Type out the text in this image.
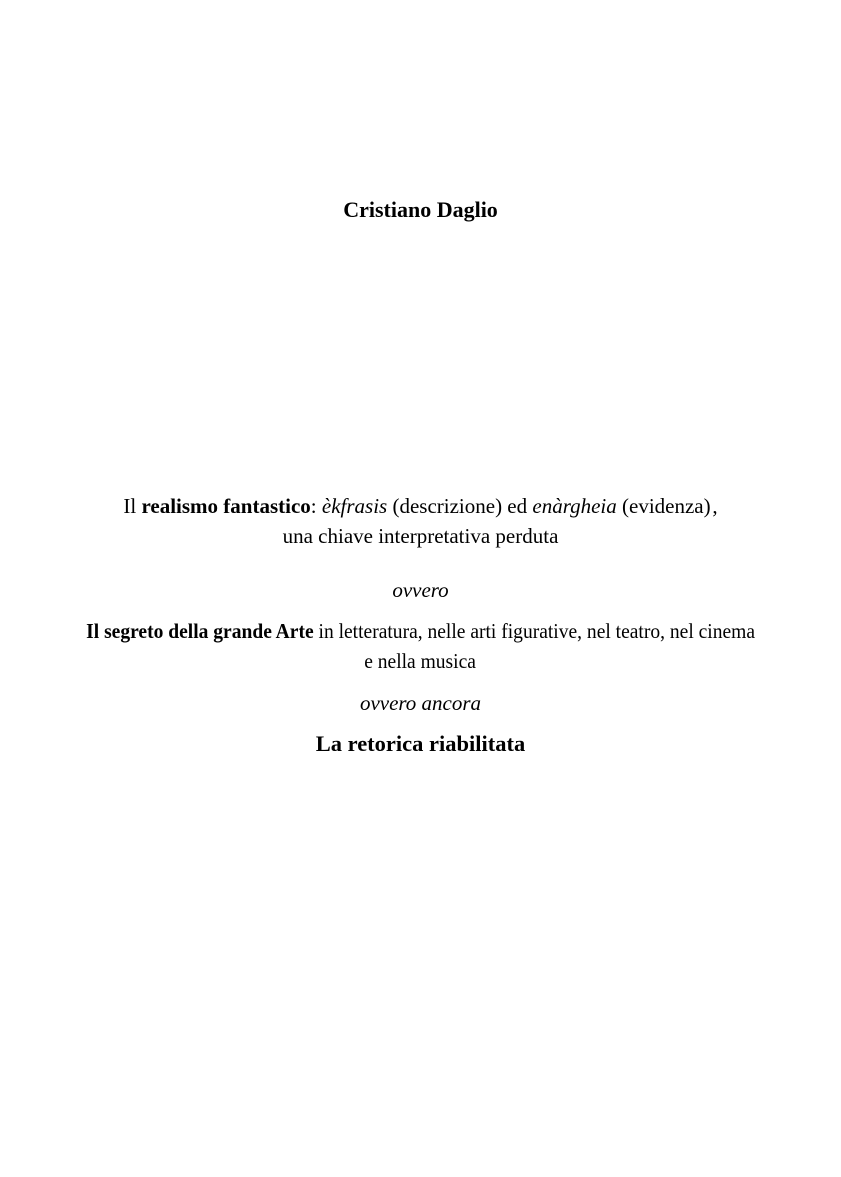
Cristiano Daglio
Il realismo fantastico: èkfrasis (descrizione) ed enàrgheia (evidenza) ,
una chiave interpretativa perduta
ovvero
Il segreto della grande Arte in letteratura, nelle arti figurative, nel teatro, nel cinema
e nella musica
ovvero ancora
La retorica riabilitata
